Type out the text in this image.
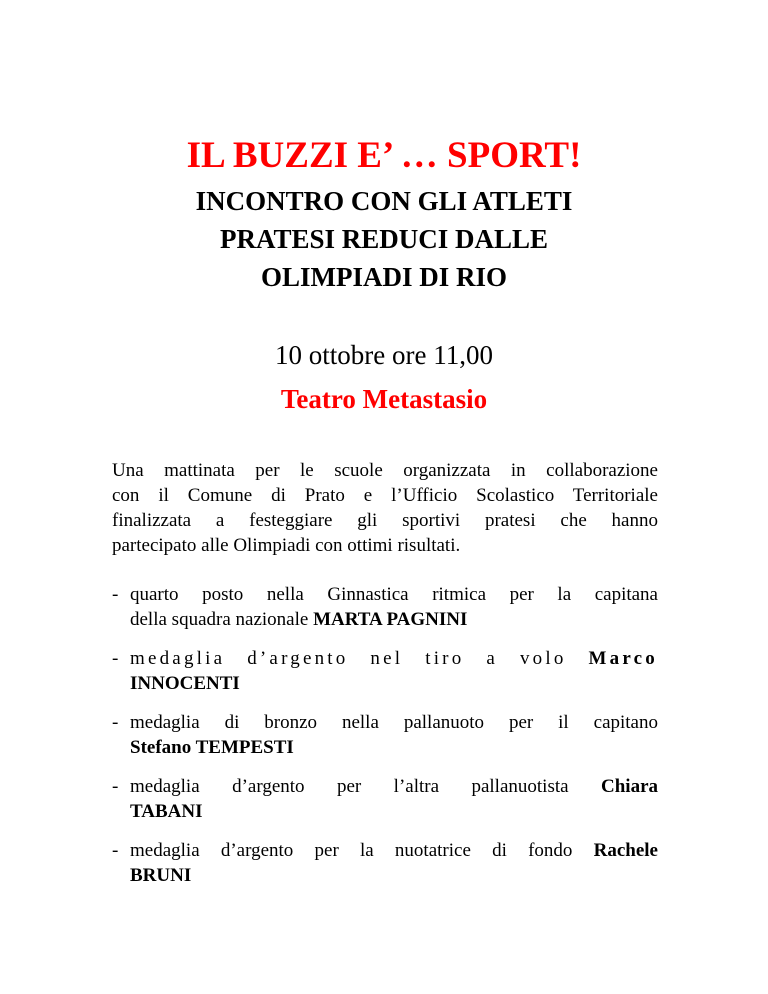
IL BUZZI E’ … SPORT!
INCONTRO CON GLI ATLETI
PRATESI REDUCI DALLE
OLIMPIADI DI RIO
10 ottobre ore 11,00
Teatro Metastasio
Una mattinata per le scuole organizzata in collaborazione
con il Comune di Prato e l’Ufficio Scolastico Territoriale
finalizzata a festeggiare gli sportivi pratesi che hanno
partecipato alle Olimpiadi con ottimi risultati.
- quarto posto nella Ginnastica ritmica per la capitana
della squadra nazionale MARTA PAGNINI
- medaglia d’argento nel tiro a volo Marco
INNOCENTI
- medaglia di bronzo nella pallanuoto per il capitano
Stefano TEMPESTI
- medaglia d’argento per l’altra pallanuotista Chiara
TABANI
- medaglia d’argento per la nuotatrice di fondo Rachele
BRUNI
